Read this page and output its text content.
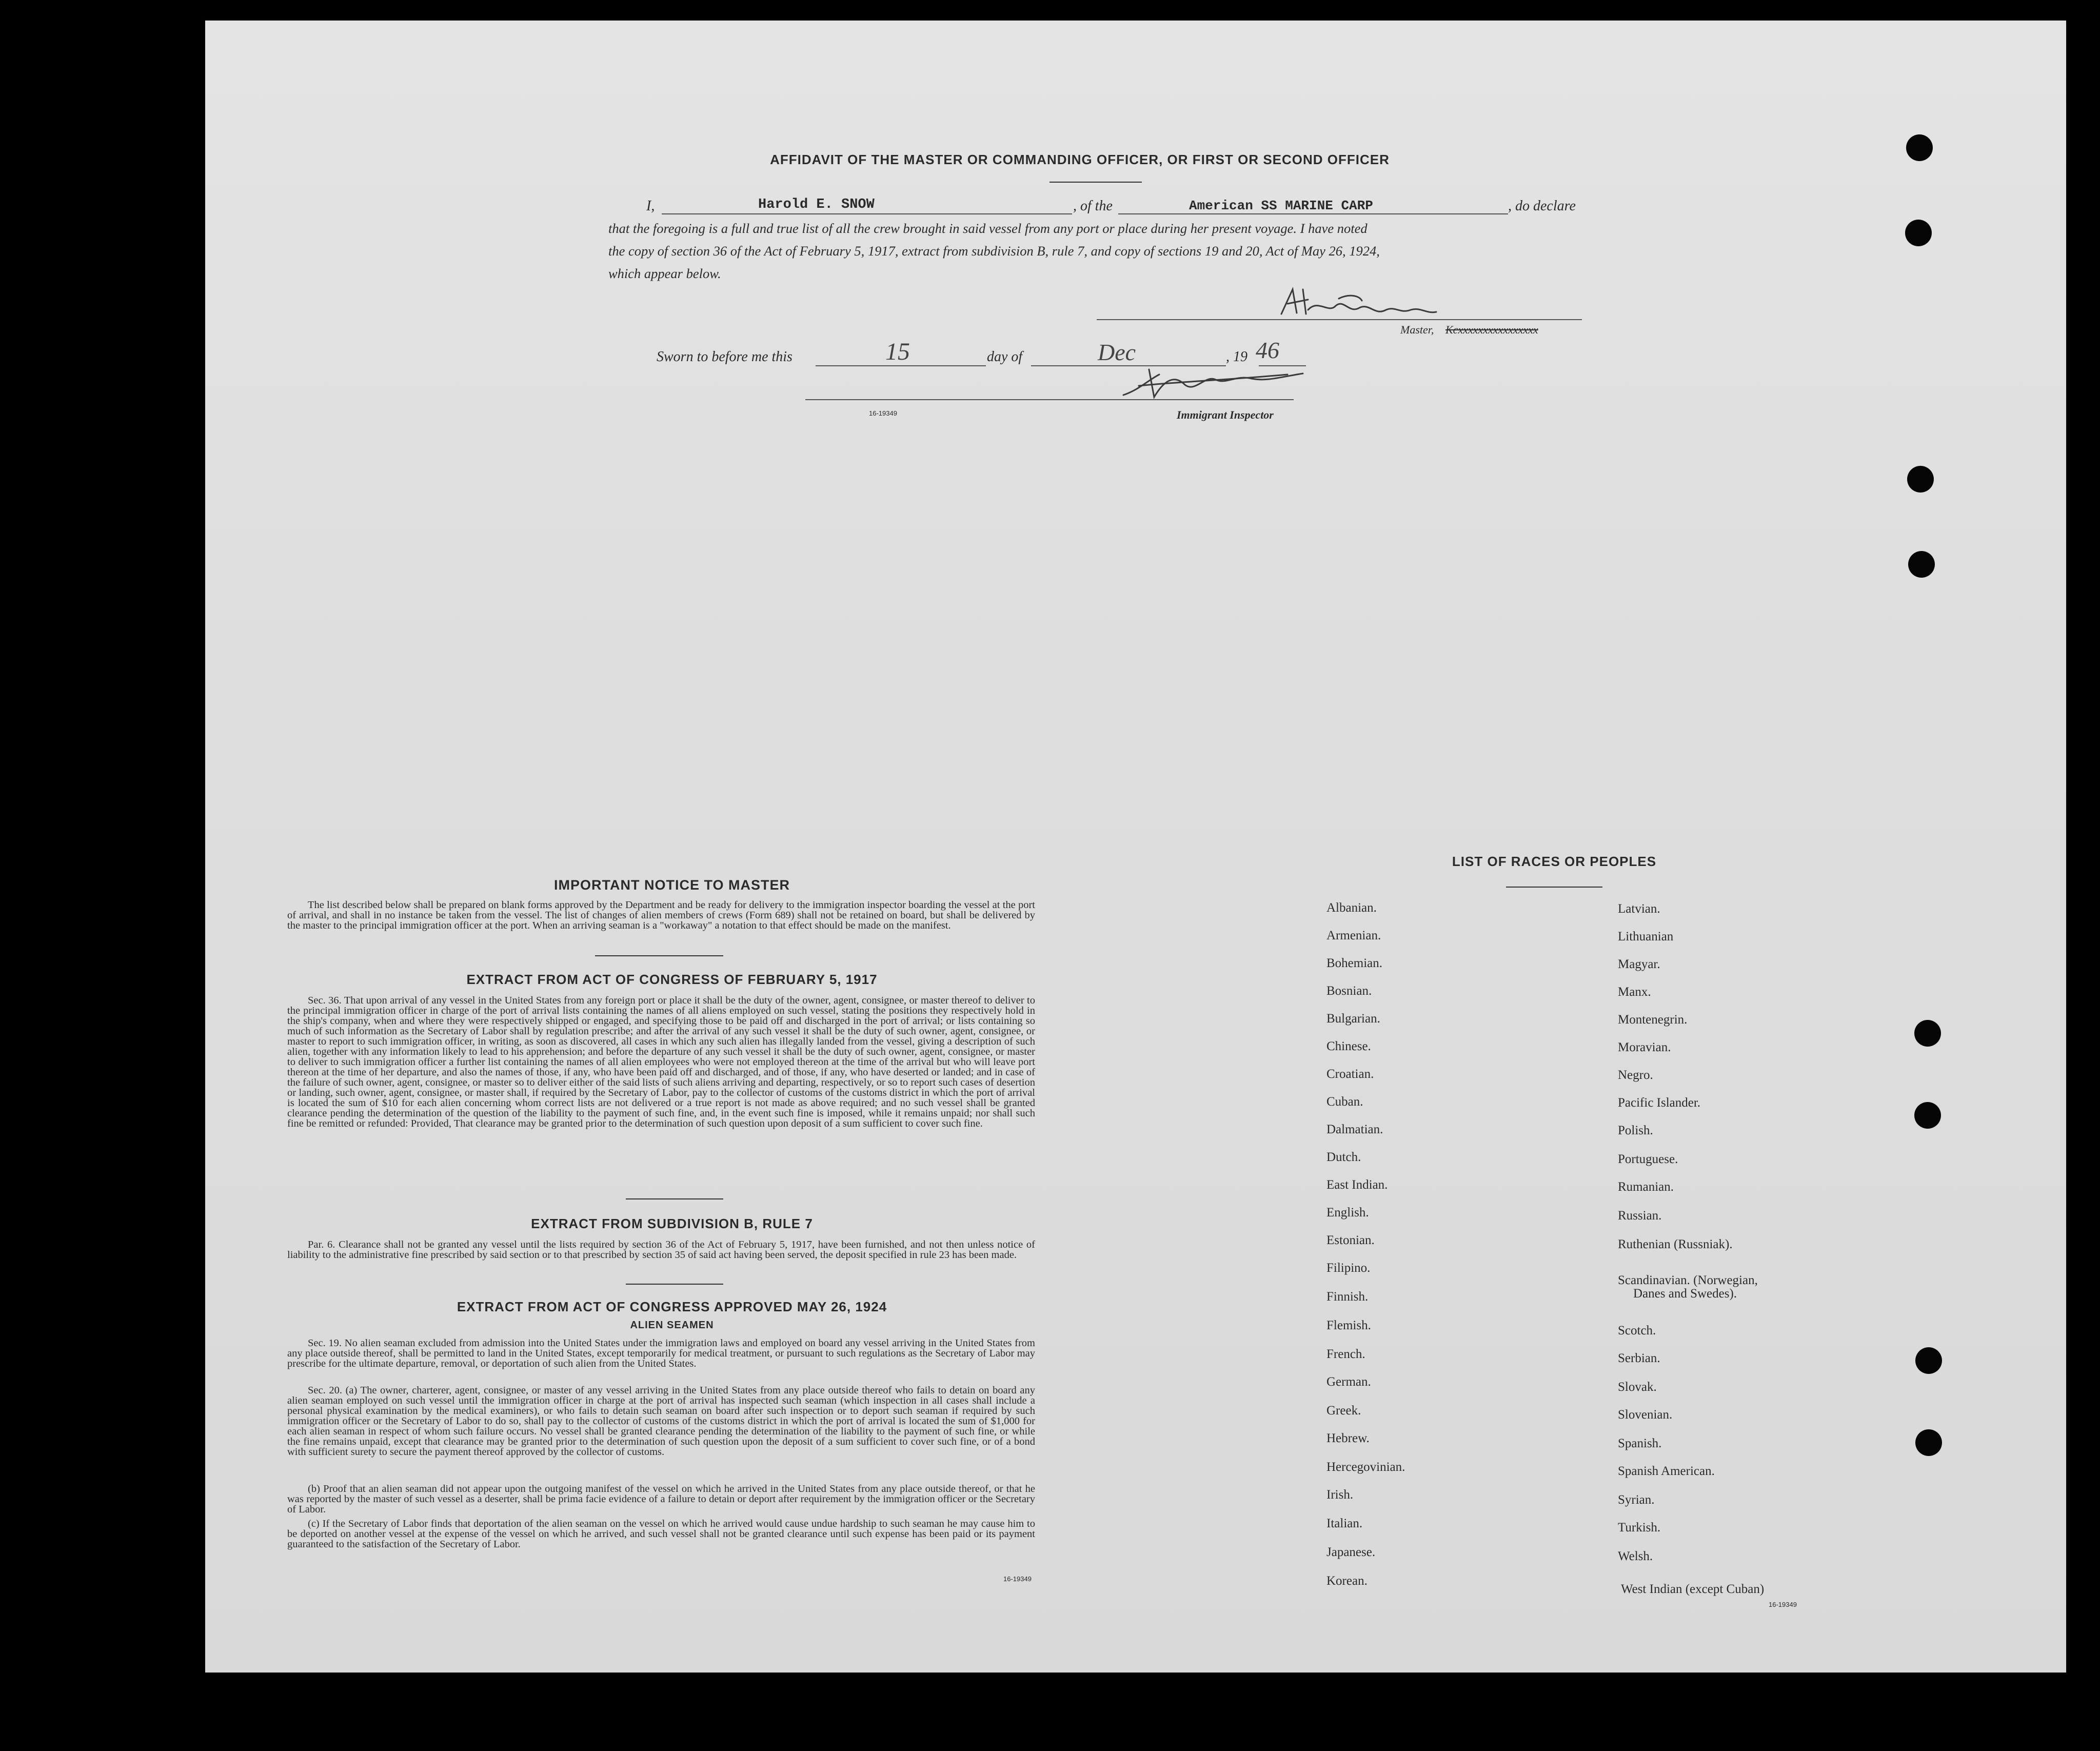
AFFIDAVIT OF THE MASTER OR COMMANDING OFFICER, OR FIRST OR SECOND OFFICER
I,	Harold E. SNOW	, of the	American SS MARINE CARP	, do declare
that the foregoing is a full and true list of all the crew brought in said vessel from any port or place during her present voyage. I have noted
the copy of section 36 of the Act of February 5, 1917, extract from subdivision B, rule 7, and copy of sections 19 and 20, Act of May 26, 1924,
which appear below.
Master, Kcxxxxxxxxxxxxxxxx
Sworn to before me this	15	day of	Dec	, 19 46
16-19349	Immigrant Inspector
IMPORTANT NOTICE TO MASTER
The list described below shall be prepared on blank forms approved by the Department and be ready for delivery to the immigration inspector boarding the vessel at the port of arrival, and shall in no instance be taken from the vessel. The list of changes of alien members of crews (Form 689) shall not be retained on board, but shall be delivered by the master to the principal immigration officer at the port. When an arriving seaman is a "workaway" a notation to that effect should be made on the manifest.
EXTRACT FROM ACT OF CONGRESS OF FEBRUARY 5, 1917
Sec. 36. That upon arrival of any vessel in the United States from any foreign port or place it shall be the duty of the owner, agent, consignee, or master thereof to deliver to the principal immigration officer in charge of the port of arrival lists containing the names of all aliens employed on such vessel, stating the positions they respectively hold in the ship's company, when and where they were respectively shipped or engaged, and specifying those to be paid off and discharged in the port of arrival; or lists containing so much of such information as the Secretary of Labor shall by regulation prescribe; and after the arrival of any such vessel it shall be the duty of such owner, agent, consignee, or master to report to such immigration officer, in writing, as soon as discovered, all cases in which any such alien has illegally landed from the vessel, giving a description of such alien, together with any information likely to lead to his apprehension; and before the departure of any such vessel it shall be the duty of such owner, agent, consignee, or master to deliver to such immigration officer a further list containing the names of all alien employees who were not employed thereon at the time of the arrival but who will leave port thereon at the time of her departure, and also the names of those, if any, who have been paid off and discharged, and of those, if any, who have deserted or landed; and in case of the failure of such owner, agent, consignee, or master so to deliver either of the said lists of such aliens arriving and departing, respectively, or so to report such cases of desertion or landing, such owner, agent, consignee, or master shall, if required by the Secretary of Labor, pay to the collector of customs of the customs district in which the port of arrival is located the sum of $10 for each alien concerning whom correct lists are not delivered or a true report is not made as above required; and no such vessel shall be granted clearance pending the determination of the question of the liability to the payment of such fine, and, in the event such fine is imposed, while it remains unpaid; nor shall such fine be remitted or refunded: Provided, That clearance may be granted prior to the determination of such question upon deposit of a sum sufficient to cover such fine.
EXTRACT FROM SUBDIVISION B, RULE 7
Par. 6. Clearance shall not be granted any vessel until the lists required by section 36 of the Act of February 5, 1917, have been furnished, and not then unless notice of liability to the administrative fine prescribed by said section or to that prescribed by section 35 of said act having been served, the deposit specified in rule 23 has been made.
EXTRACT FROM ACT OF CONGRESS APPROVED MAY 26, 1924
ALIEN SEAMEN
Sec. 19. No alien seaman excluded from admission into the United States under the immigration laws and employed on board any vessel arriving in the United States from any place outside thereof, shall be permitted to land in the United States, except temporarily for medical treatment, or pursuant to such regulations as the Secretary of Labor may prescribe for the ultimate departure, removal, or deportation of such alien from the United States.
Sec. 20. (a) The owner, charterer, agent, consignee, or master of any vessel arriving in the United States from any place outside thereof who fails to detain on board any alien seaman employed on such vessel until the immigration officer in charge at the port of arrival has inspected such seaman (which inspection in all cases shall include a personal physical examination by the medical examiners), or who fails to detain such seaman on board after such inspection or to deport such seaman if required by such immigration officer or the Secretary of Labor to do so, shall pay to the collector of customs of the customs district in which the port of arrival is located the sum of $1,000 for each alien seaman in respect of whom such failure occurs. No vessel shall be granted clearance pending the determination of the liability to the payment of such fine, or while the fine remains unpaid, except that clearance may be granted prior to the determination of such question upon the deposit of a sum sufficient to cover such fine, or of a bond with sufficient surety to secure the payment thereof approved by the collector of customs.
(b) Proof that an alien seaman did not appear upon the outgoing manifest of the vessel on which he arrived in the United States from any place outside thereof, or that he was reported by the master of such vessel as a deserter, shall be prima facie evidence of a failure to detain or deport after requirement by the immigration officer or the Secretary of Labor.
(c) If the Secretary of Labor finds that deportation of the alien seaman on the vessel on which he arrived would cause undue hardship to such seaman he may cause him to be deported on another vessel at the expense of the vessel on which he arrived, and such vessel shall not be granted clearance until such expense has been paid or its payment guaranteed to the satisfaction of the Secretary of Labor.
16-19349
LIST OF RACES OR PEOPLES
Albanian.
Armenian.
Bohemian.
Bosnian.
Bulgarian.
Chinese.
Croatian.
Cuban.
Dalmatian.
Dutch.
East Indian.
English.
Estonian.
Filipino.
Finnish.
Flemish.
French.
German.
Greek.
Hebrew.
Hercegovinian.
Irish.
Italian.
Japanese.
Korean.
Latvian.
Lithuanian
Magyar.
Manx.
Montenegrin.
Moravian.
Negro.
Pacific Islander.
Polish.
Portuguese.
Rumanian.
Russian.
Ruthenian (Russniak).
Scandinavian. (Norwegian,
Danes and Swedes).
Scotch.
Serbian.
Slovak.
Slovenian.
Spanish.
Spanish American.
Syrian.
Turkish.
Welsh.
West Indian (except Cuban)
16-19349
